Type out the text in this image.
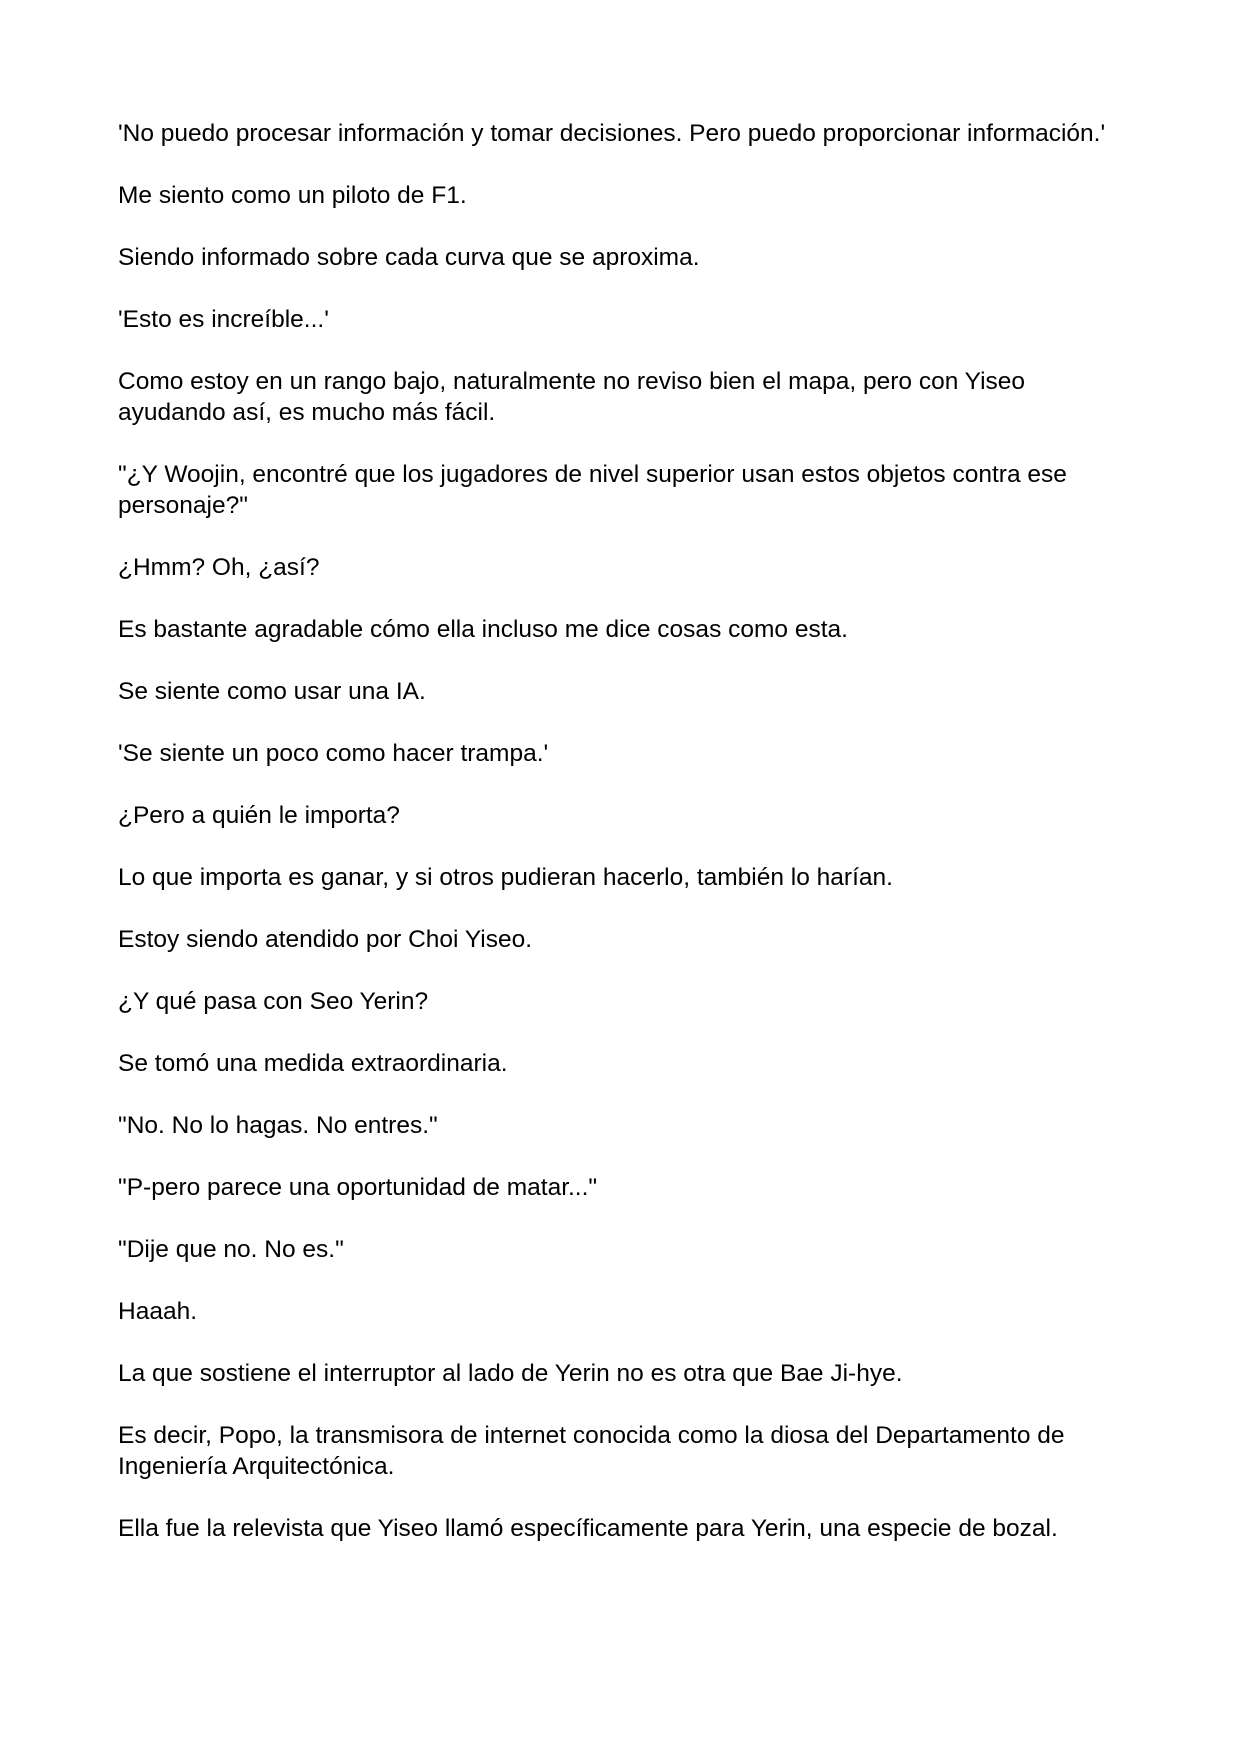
'No puedo procesar información y tomar decisiones. Pero puedo proporcionar información.'

Me siento como un piloto de F1.

Siendo informado sobre cada curva que se aproxima.

'Esto es increíble...'

Como estoy en un rango bajo, naturalmente no reviso bien el mapa, pero con Yiseo ayudando así, es mucho más fácil.

"¿Y Woojin, encontré que los jugadores de nivel superior usan estos objetos contra ese personaje?"

¿Hmm? Oh, ¿así?

Es bastante agradable cómo ella incluso me dice cosas como esta.

Se siente como usar una IA.

'Se siente un poco como hacer trampa.'

¿Pero a quién le importa?

Lo que importa es ganar, y si otros pudieran hacerlo, también lo harían.

Estoy siendo atendido por Choi Yiseo.

¿Y qué pasa con Seo Yerin?

Se tomó una medida extraordinaria.

"No. No lo hagas. No entres."

"P-pero parece una oportunidad de matar..."

"Dije que no. No es."

Haaah.

La que sostiene el interruptor al lado de Yerin no es otra que Bae Ji-hye.

Es decir, Popo, la transmisora de internet conocida como la diosa del Departamento de Ingeniería Arquitectónica.

Ella fue la relevista que Yiseo llamó específicamente para Yerin, una especie de bozal.
